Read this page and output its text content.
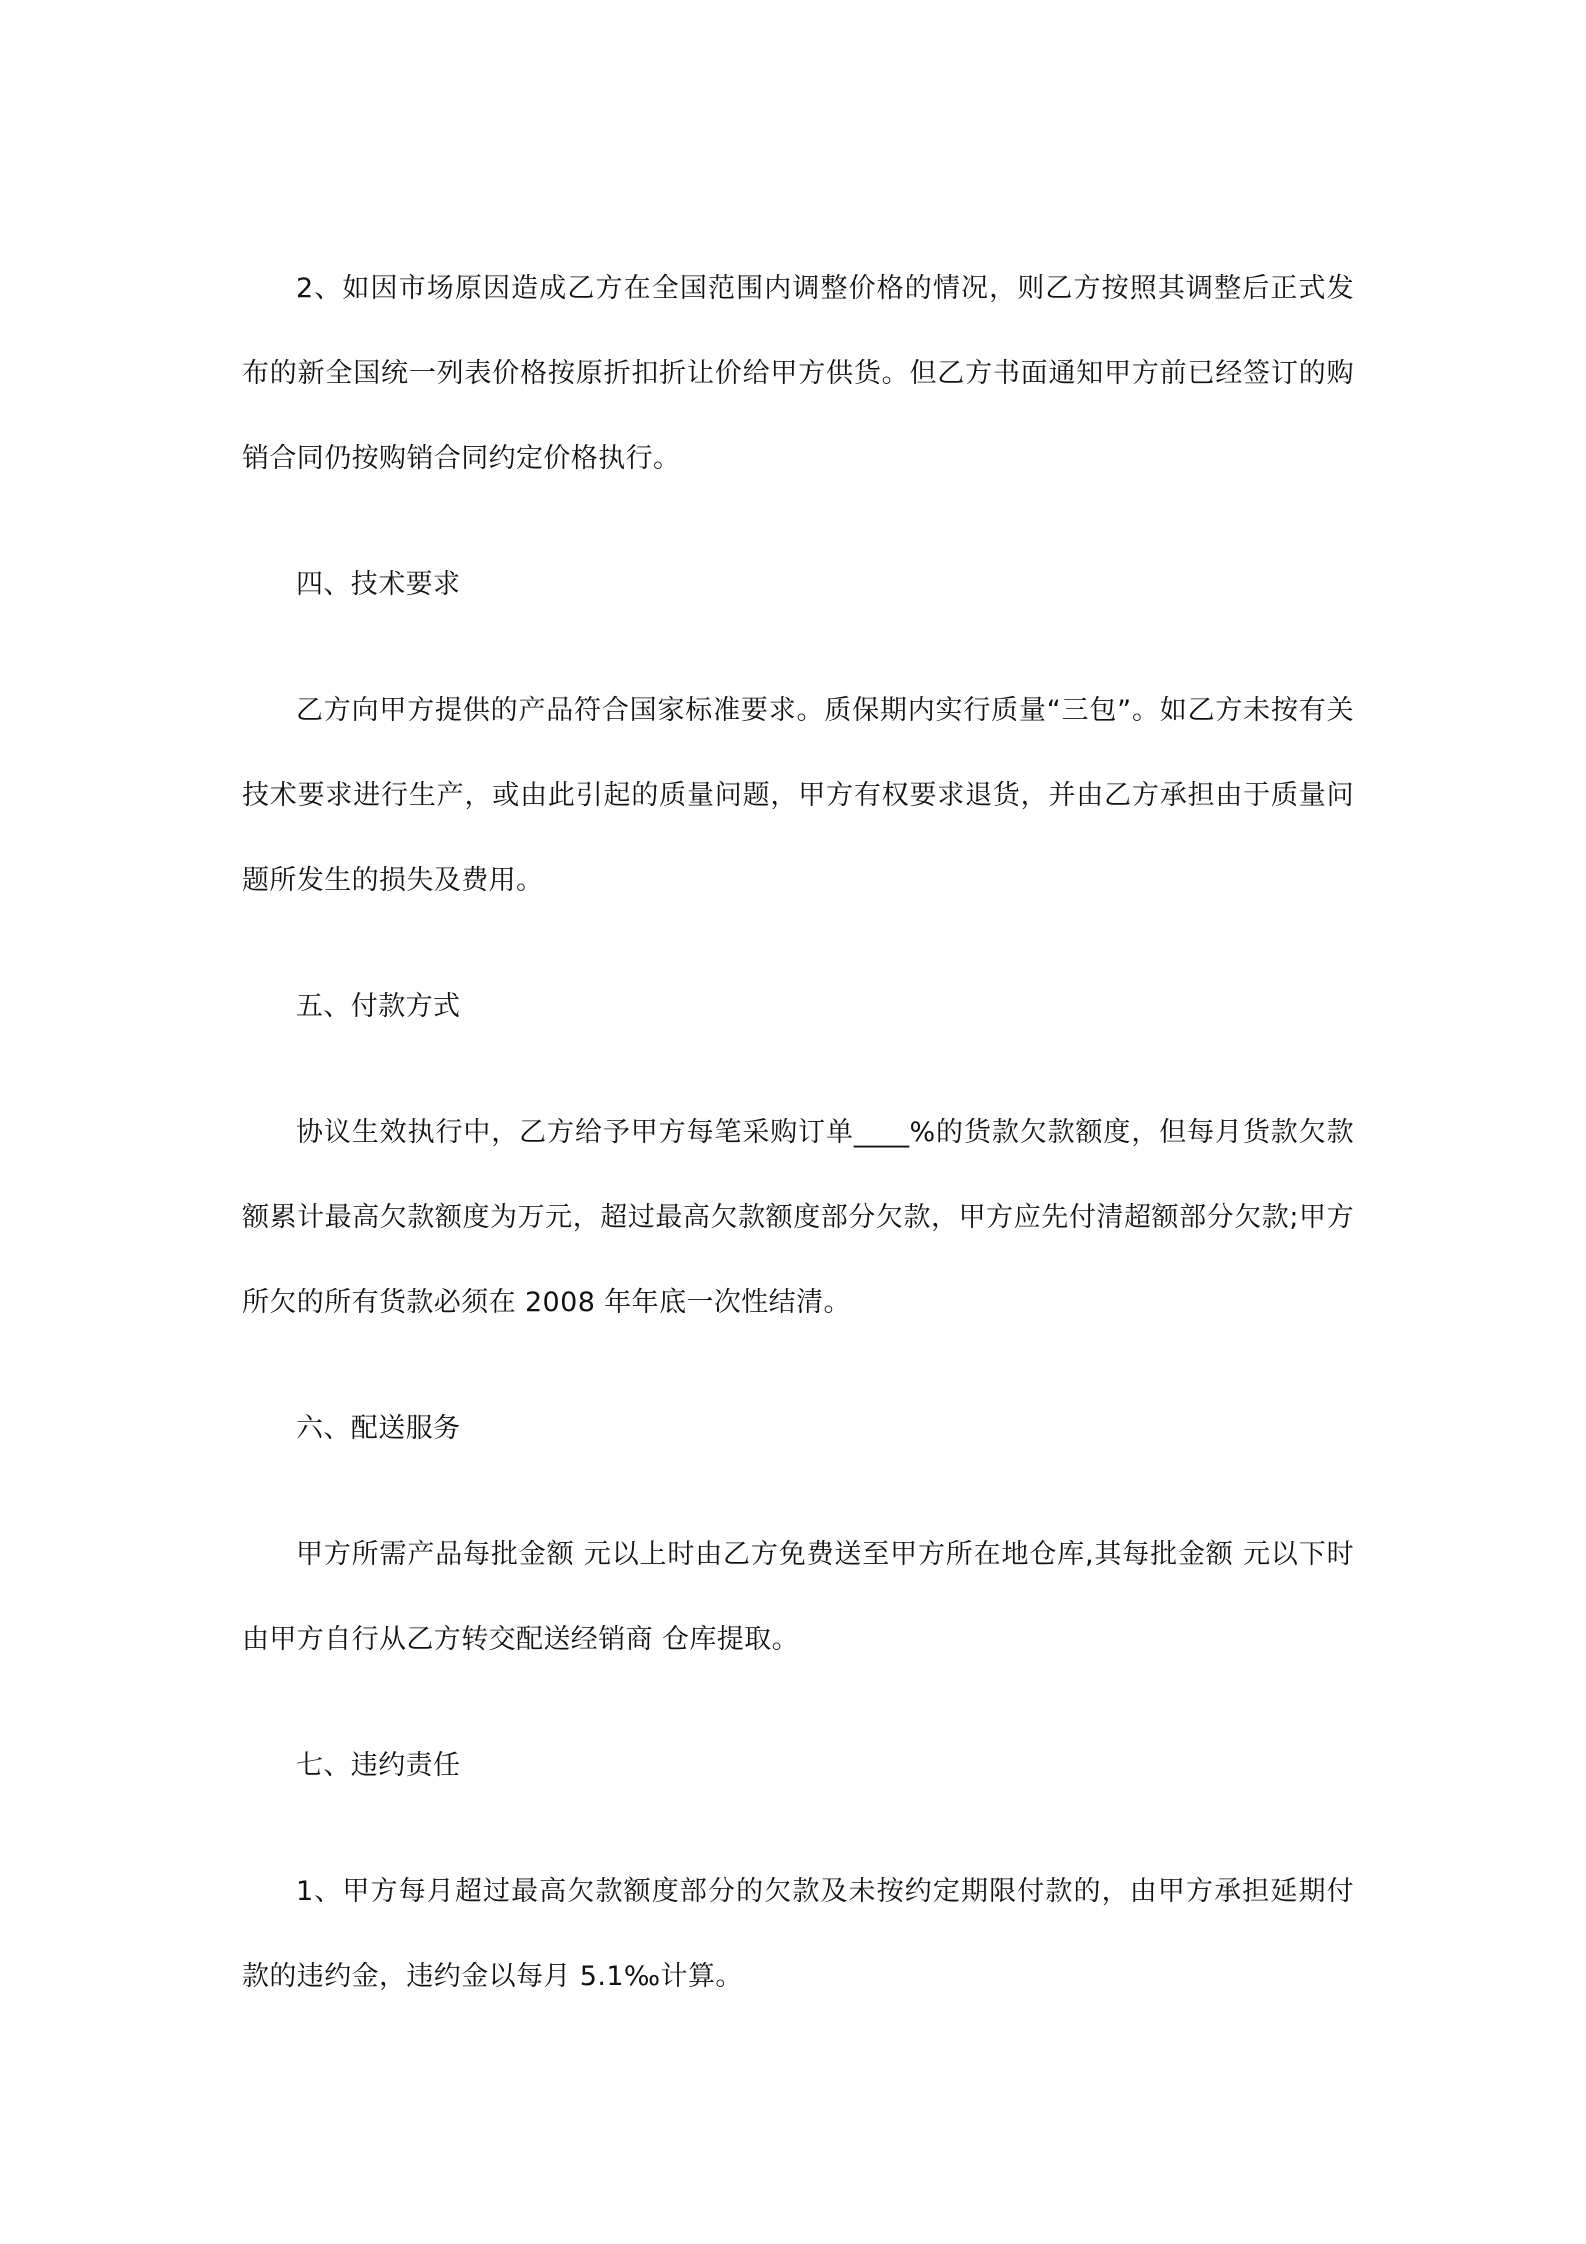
2、如因市场原因造成乙方在全国范围内调整价格的情况，则乙方按照其调整后正式发布的新全国统一列表价格按原折扣折让价给甲方供货。但乙方书面通知甲方前已经签订的购销合同仍按购销合同约定价格执行。

四、技术要求

乙方向甲方提供的产品符合国家标准要求。质保期内实行质量“三包”。如乙方未按有关技术要求进行生产，或由此引起的质量问题，甲方有权要求退货，并由乙方承担由于质量问题所发生的损失及费用。

五、付款方式

协议生效执行中，乙方给予甲方每笔采购订单____%的货款欠款额度，但每月货款欠款额累计最高欠款额度为万元，超过最高欠款额度部分欠款，甲方应先付清超额部分欠款;甲方所欠的所有货款必须在 2008 年年底一次性结清。

六、配送服务

甲方所需产品每批金额 元以上时由乙方免费送至甲方所在地仓库,其每批金额 元以下时由甲方自行从乙方转交配送经销商 仓库提取。

七、违约责任

1、甲方每月超过最高欠款额度部分的欠款及未按约定期限付款的，由甲方承担延期付款的违约金，违约金以每月 5.1‰计算。
